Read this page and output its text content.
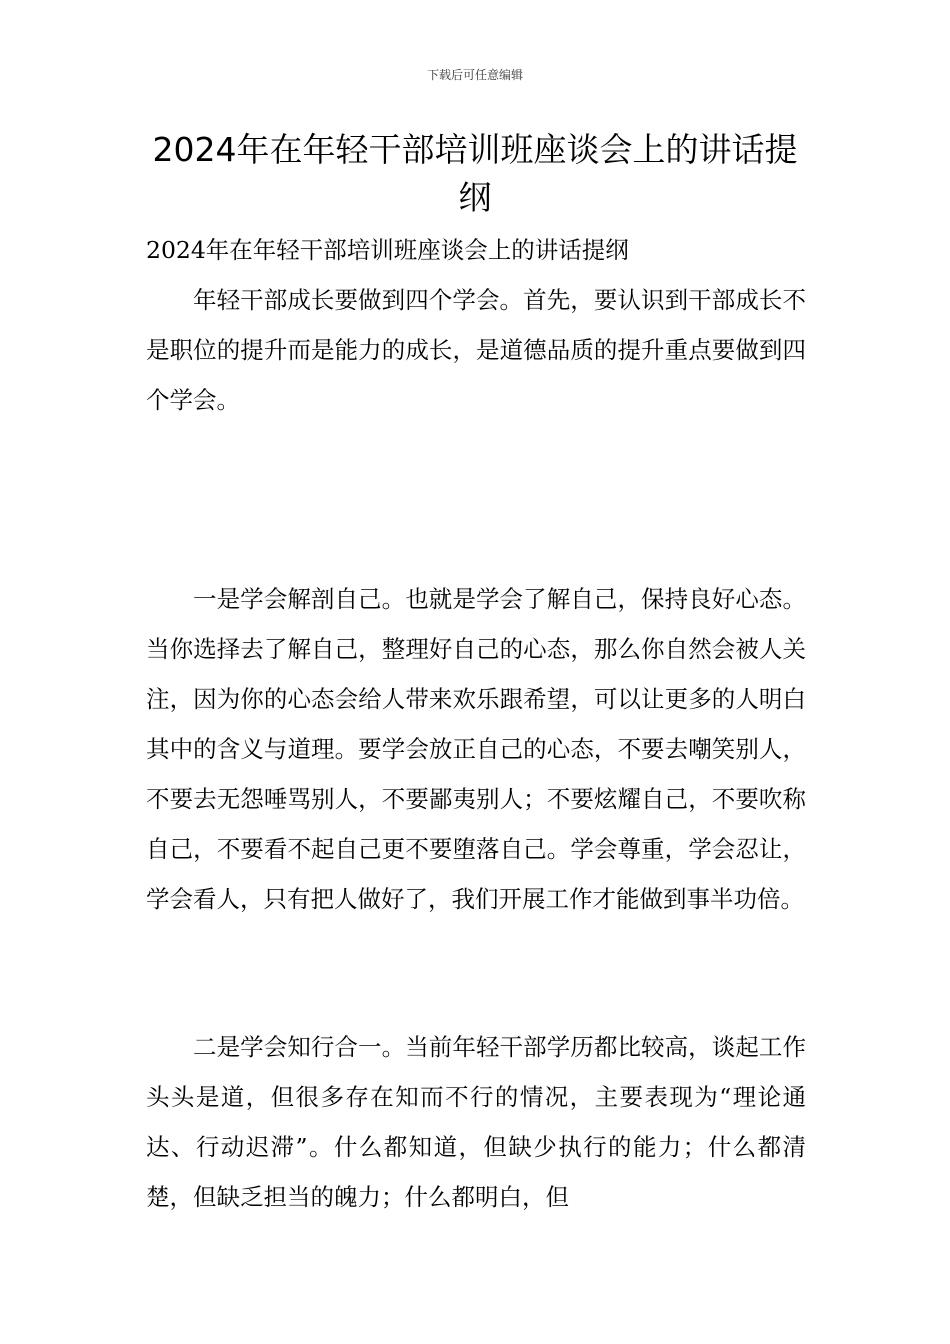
下载后可任意编辑
2024年在年轻干部培训班座谈会上的讲话提纲

2024年在年轻干部培训班座谈会上的讲话提纲

年轻干部成长要做到四个学会。首先，要认识到干部成长不是职位的提升而是能力的成长，是道德品质的提升重点要做到四个学会。

一是学会解剖自己。也就是学会了解自己，保持良好心态。当你选择去了解自己，整理好自己的心态，那么你自然会被人关注，因为你的心态会给人带来欢乐跟希望，可以让更多的人明白其中的含义与道理。要学会放正自己的心态，不要去嘲笑别人，不要去无怨唾骂别人，不要鄙夷别人；不要炫耀自己，不要吹称自己，不要看不起自己更不要堕落自己。学会尊重，学会忍让，学会看人，只有把人做好了，我们开展工作才能做到事半功倍。

二是学会知行合一。当前年轻干部学历都比较高，谈起工作头头是道，但很多存在知而不行的情况，主要表现为“理论通达、行动迟滞”。什么都知道，但缺少执行的能力；什么都清楚，但缺乏担当的魄力；什么都明白，但
